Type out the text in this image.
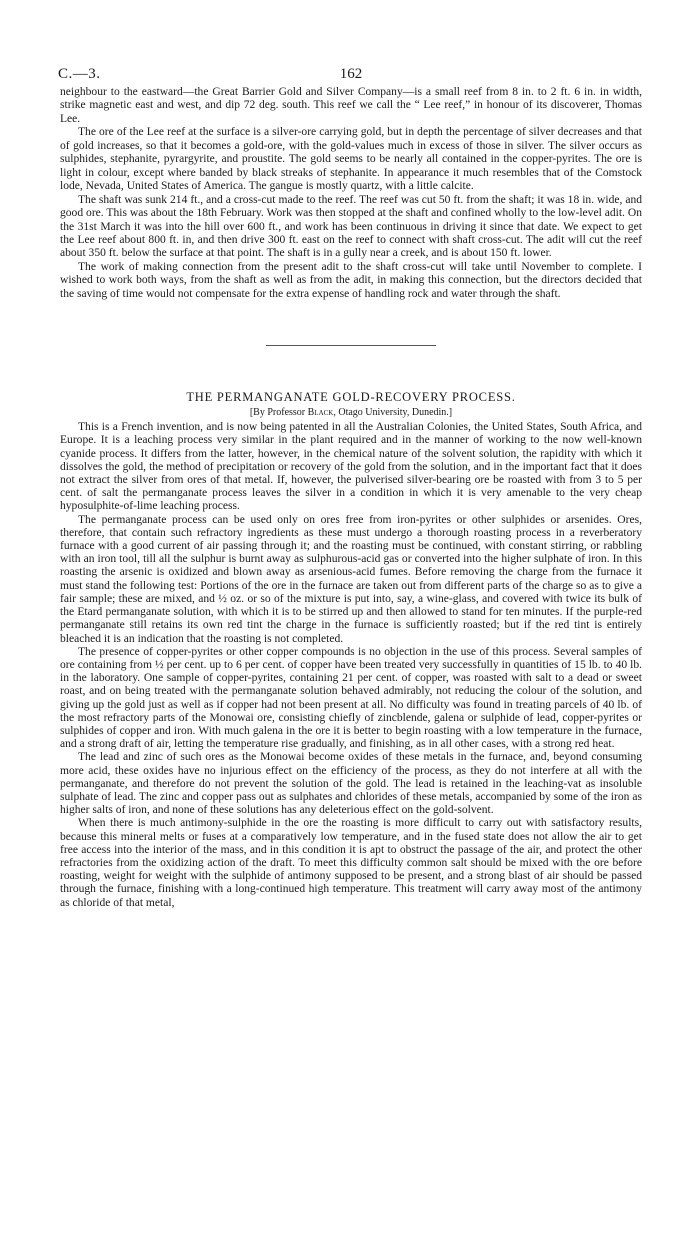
C.—3.	162

neighbour to the eastward—the Great Barrier Gold and Silver Company—is a small reef from 8 in. to 2 ft. 6 in. in width, strike magnetic east and west, and dip 72 deg. south. This reef we call the “ Lee reef,” in honour of its discoverer, Thomas Lee.

The ore of the Lee reef at the surface is a silver-ore carrying gold, but in depth the percentage of silver decreases and that of gold increases, so that it becomes a gold-ore, with the gold-values much in excess of those in silver. The silver occurs as sulphides, stephanite, pyrargyrite, and proustite. The gold seems to be nearly all contained in the copper-pyrites. The ore is light in colour, except where banded by black streaks of stephanite. In appearance it much resembles that of the Comstock lode, Nevada, United States of America. The gangue is mostly quartz, with a little calcite.

The shaft was sunk 214 ft., and a cross-cut made to the reef. The reef was cut 50 ft. from the shaft; it was 18 in. wide, and good ore. This was about the 18th February. Work was then stopped at the shaft and confined wholly to the low-level adit. On the 31st March it was into the hill over 600 ft., and work has been continuous in driving it since that date. We expect to get the Lee reef about 800 ft. in, and then drive 300 ft. east on the reef to connect with shaft cross-cut. The adit will cut the reef about 350 ft. below the surface at that point. The shaft is in a gully near a creek, and is about 150 ft. lower.

The work of making connection from the present adit to the shaft cross-cut will take until November to complete. I wished to work both ways, from the shaft as well as from the adit, in making this connection, but the directors decided that the saving of time would not compensate for the extra expense of handling rock and water through the shaft.

THE PERMANGANATE GOLD-RECOVERY PROCESS.
[By Professor Black, Otago University, Dunedin.]

This is a French invention, and is now being patented in all the Australian Colonies, the United States, South Africa, and Europe. It is a leaching process very similar in the plant required and in the manner of working to the now well-known cyanide process. It differs from the latter, however, in the chemical nature of the solvent solution, the rapidity with which it dissolves the gold, the method of precipitation or recovery of the gold from the solution, and in the important fact that it does not extract the silver from ores of that metal. If, however, the pulverised silver-bearing ore be roasted with from 3 to 5 per cent. of salt the permanganate process leaves the silver in a condition in which it is very amenable to the very cheap hyposulphite-of-lime leaching process.

The permanganate process can be used only on ores free from iron-pyrites or other sulphides or arsenides. Ores, therefore, that contain such refractory ingredients as these must undergo a thorough roasting process in a reverberatory furnace with a good current of air passing through it; and the roasting must be continued, with constant stirring, or rabbling with an iron tool, till all the sulphur is burnt away as sulphurous-acid gas or converted into the higher sulphate of iron. In this roasting the arsenic is oxidized and blown away as arsenious-acid fumes. Before removing the charge from the furnace it must stand the following test: Portions of the ore in the furnace are taken out from different parts of the charge so as to give a fair sample; these are mixed, and ½ oz. or so of the mixture is put into, say, a wine-glass, and covered with twice its bulk of the Etard permanganate solution, with which it is to be stirred up and then allowed to stand for ten minutes. If the purple-red permanganate still retains its own red tint the charge in the furnace is sufficiently roasted; but if the red tint is entirely bleached it is an indication that the roasting is not completed.

The presence of copper-pyrites or other copper compounds is no objection in the use of this process. Several samples of ore containing from ½ per cent. up to 6 per cent. of copper have been treated very successfully in quantities of 15 lb. to 40 lb. in the laboratory. One sample of copper-pyrites, containing 21 per cent. of copper, was roasted with salt to a dead or sweet roast, and on being treated with the permanganate solution behaved admirably, not reducing the colour of the solution, and giving up the gold just as well as if copper had not been present at all. No difficulty was found in treating parcels of 40 lb. of the most refractory parts of the Monowai ore, consisting chiefly of zincblende, galena or sulphide of lead, copper-pyrites or sulphides of copper and iron. With much galena in the ore it is better to begin roasting with a low temperature in the furnace, and a strong draft of air, letting the temperature rise gradually, and finishing, as in all other cases, with a strong red heat.

The lead and zinc of such ores as the Monowai become oxides of these metals in the furnace, and, beyond consuming more acid, these oxides have no injurious effect on the efficiency of the process, as they do not interfere at all with the permanganate, and therefore do not prevent the solution of the gold. The lead is retained in the leaching-vat as insoluble sulphate of lead. The zinc and copper pass out as sulphates and chlorides of these metals, accompanied by some of the iron as higher salts of iron, and none of these solutions has any deleterious effect on the gold-solvent.

When there is much antimony-sulphide in the ore the roasting is more difficult to carry out with satisfactory results, because this mineral melts or fuses at a comparatively low temperature, and in the fused state does not allow the air to get free access into the interior of the mass, and in this condition it is apt to obstruct the passage of the air, and protect the other refractories from the oxidizing action of the draft. To meet this difficulty common salt should be mixed with the ore before roasting, weight for weight with the sulphide of antimony supposed to be present, and a strong blast of air should be passed through the furnace, finishing with a long-continued high temperature. This treatment will carry away most of the antimony as chloride of that metal,
